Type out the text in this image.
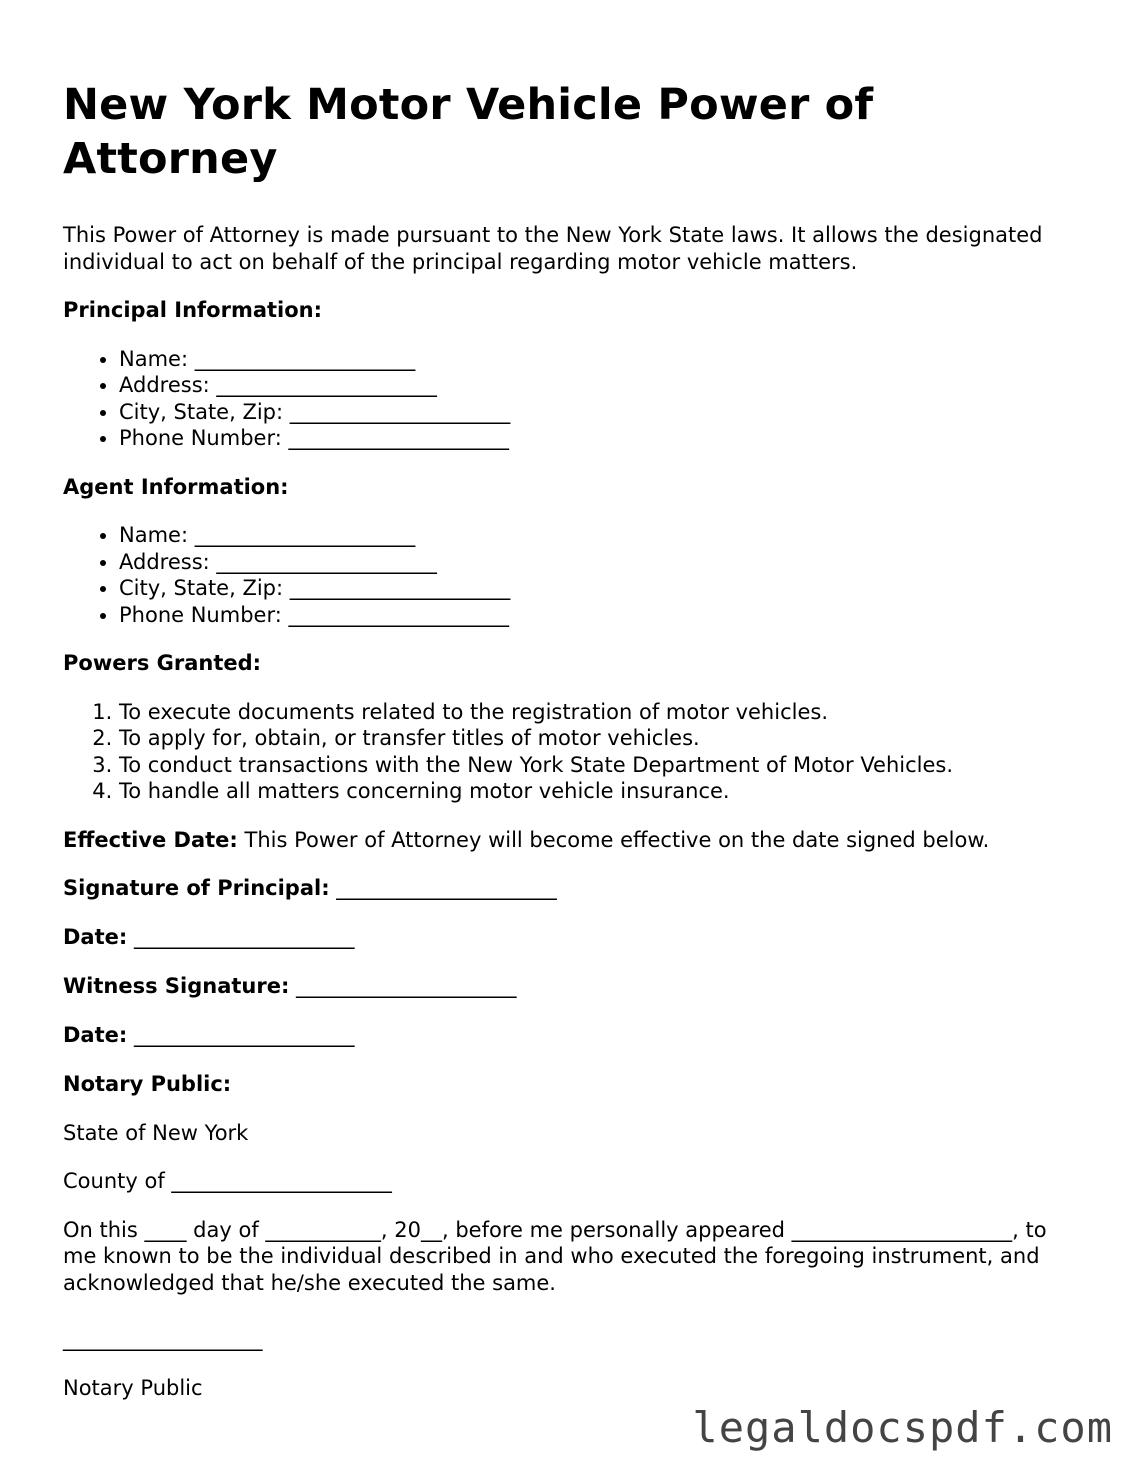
New York Motor Vehicle Power of Attorney

This Power of Attorney is made pursuant to the New York State laws. It allows the designated individual to act on behalf of the principal regarding motor vehicle matters.

Principal Information:
• Name: _____________________
• Address: _____________________
• City, State, Zip: _____________________
• Phone Number: _____________________
Agent Information:
• Name: _____________________
• Address: _____________________
• City, State, Zip: _____________________
• Phone Number: _____________________
Powers Granted:
1. To execute documents related to the registration of motor vehicles.
2. To apply for, obtain, or transfer titles of motor vehicles.
3. To conduct transactions with the New York State Department of Motor Vehicles.
4. To handle all matters concerning motor vehicle insurance.

Effective Date: This Power of Attorney will become effective on the date signed below.

Signature of Principal: _____________________
Date: _____________________
Witness Signature: _____________________
Date: _____________________
Notary Public:

State of New York

County of _____________________

On this ____ day of ___________, 20__, before me personally appeared _____________________, to me known to be the individual described in and who executed the foregoing instrument, and acknowledged that he/she executed the same.

___________________

Notary Public

legaldocspdf.com
